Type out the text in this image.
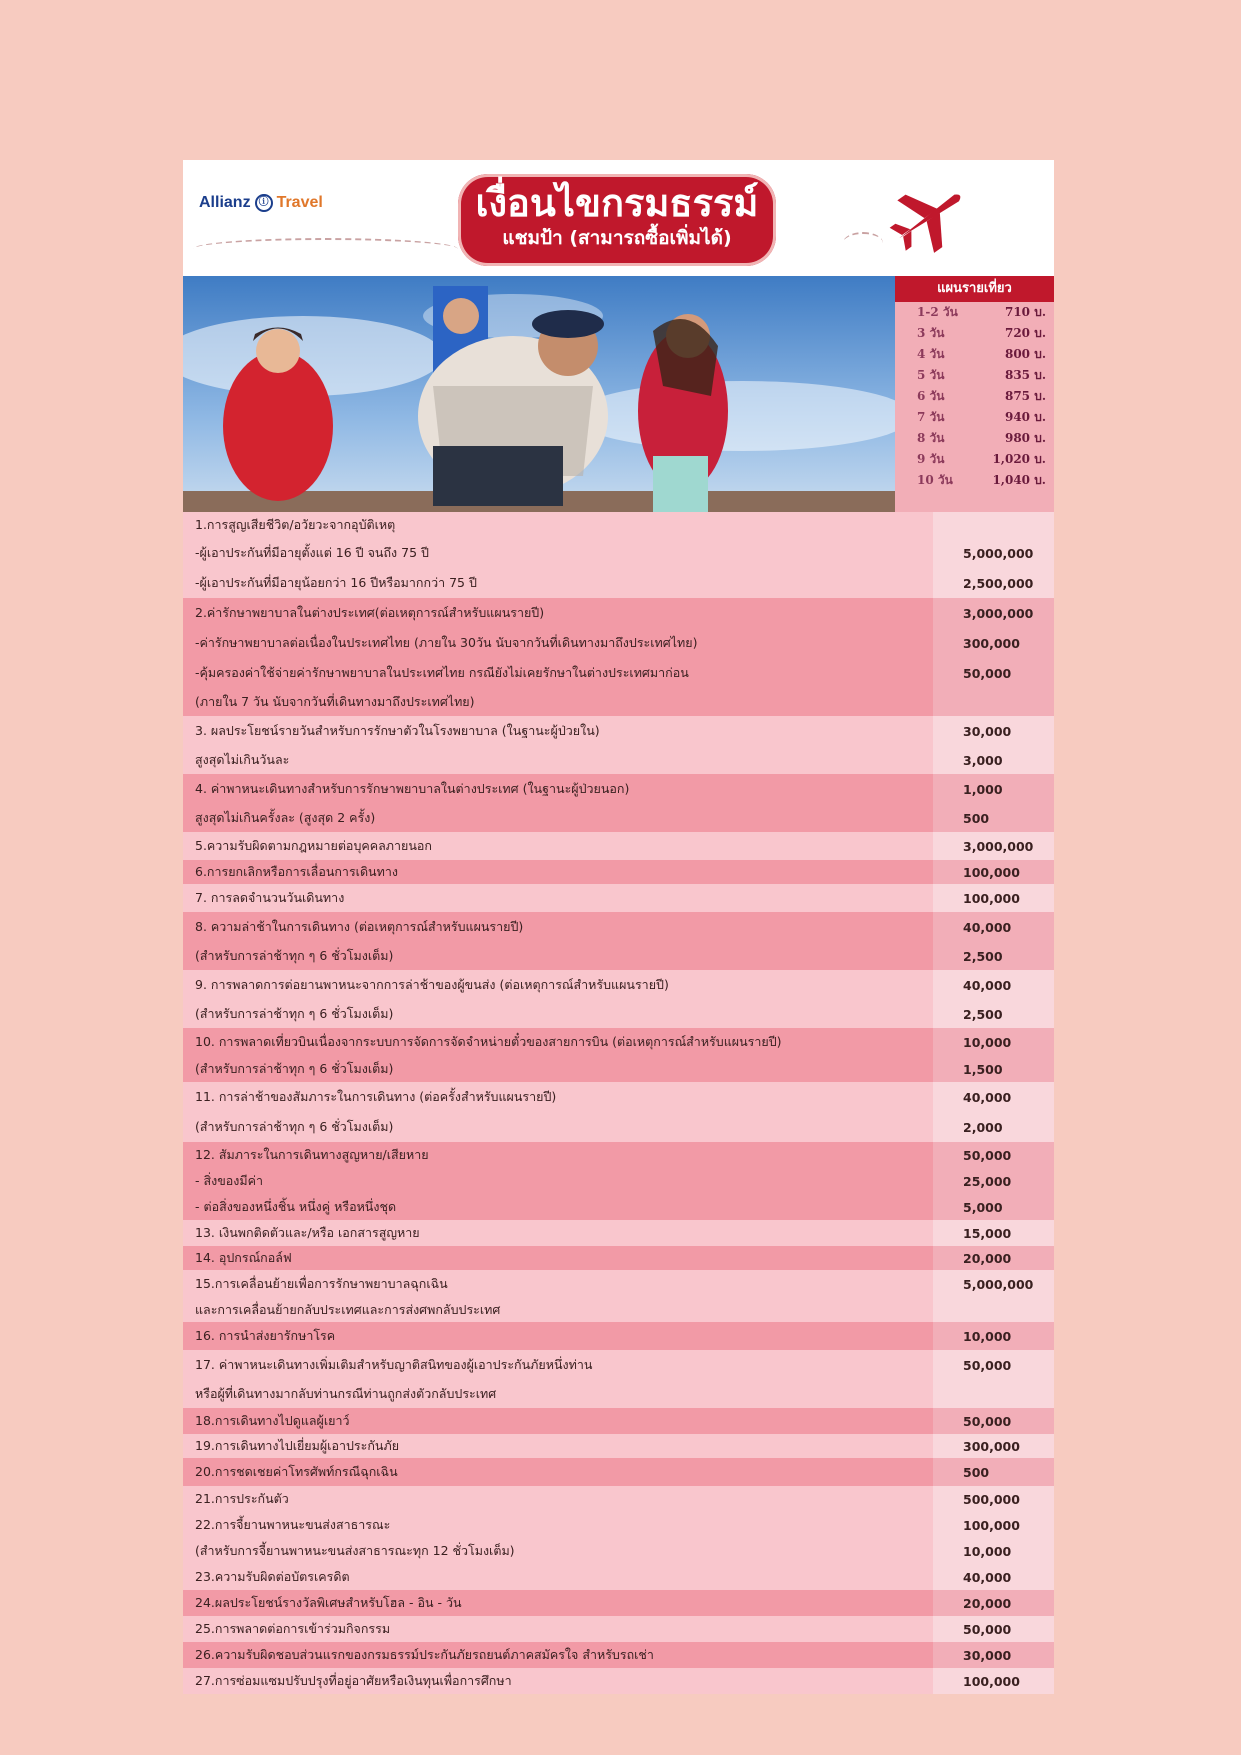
Allianz ⓘ Travel	เงื่อนไขกรมธรรม์
แชมป้า (สามารถซื้อเพิ่มได้)
แผนรายเที่ยว
1-2 วัน	710 บ.
3 วัน	720 บ.
4 วัน	800 บ.
5 วัน	835 บ.
6 วัน	875 บ.
7 วัน	940 บ.
8 วัน	980 บ.
9 วัน	1,020 บ.
10 วัน	1,040 บ.
1.การสูญเสียชีวิต/อวัยวะจากอุบัติเหตุ
-ผู้เอาประกันที่มีอายุตั้งแต่ 16 ปี จนถึง 75 ปี	5,000,000
-ผู้เอาประกันที่มีอายุน้อยกว่า 16 ปีหรือมากกว่า 75 ปี	2,500,000
2.ค่ารักษาพยาบาลในต่างประเทศ(ต่อเหตุการณ์สำหรับแผนรายปี)	3,000,000
-ค่ารักษาพยาบาลต่อเนื่องในประเทศไทย (ภายใน 30วัน นับจากวันที่เดินทางมาถึงประเทศไทย)	300,000
-คุ้มครองค่าใช้จ่ายค่ารักษาพยาบาลในประเทศไทย กรณียังไม่เคยรักษาในต่างประเทศมาก่อน	50,000
(ภายใน 7 วัน นับจากวันที่เดินทางมาถึงประเทศไทย)
3. ผลประโยชน์รายวันสำหรับการรักษาตัวในโรงพยาบาล (ในฐานะผู้ป่วยใน)	30,000
สูงสุดไม่เกินวันละ	3,000
4. ค่าพาหนะเดินทางสำหรับการรักษาพยาบาลในต่างประเทศ (ในฐานะผู้ป่วยนอก)	1,000
สูงสุดไม่เกินครั้งละ (สูงสุด 2 ครั้ง)	500
5.ความรับผิดตามกฎหมายต่อบุคคลภายนอก	3,000,000
6.การยกเลิกหรือการเลื่อนการเดินทาง	100,000
7. การลดจำนวนวันเดินทาง	100,000
8. ความล่าช้าในการเดินทาง (ต่อเหตุการณ์สำหรับแผนรายปี)	40,000
(สำหรับการล่าช้าทุก ๆ 6 ชั่วโมงเต็ม)	2,500
9. การพลาดการต่อยานพาหนะจากการล่าช้าของผู้ขนส่ง (ต่อเหตุการณ์สำหรับแผนรายปี)	40,000
(สำหรับการล่าช้าทุก ๆ 6 ชั่วโมงเต็ม)	2,500
10. การพลาดเที่ยวบินเนื่องจากระบบการจัดการจัดจำหน่ายตั๋วของสายการบิน (ต่อเหตุการณ์สำหรับแผนรายปี)	10,000
(สำหรับการล่าช้าทุก ๆ 6 ชั่วโมงเต็ม)	1,500
11. การล่าช้าของสัมภาระในการเดินทาง (ต่อครั้งสำหรับแผนรายปี)	40,000
(สำหรับการล่าช้าทุก ๆ 6 ชั่วโมงเต็ม)	2,000
12. สัมภาระในการเดินทางสูญหาย/เสียหาย	50,000
- สิ่งของมีค่า	25,000
- ต่อสิ่งของหนึ่งชิ้น หนึ่งคู่ หรือหนึ่งชุด	5,000
13. เงินพกติดตัวและ/หรือ เอกสารสูญหาย	15,000
14. อุปกรณ์กอล์ฟ	20,000
15.การเคลื่อนย้ายเพื่อการรักษาพยาบาลฉุกเฉิน	5,000,000
และการเคลื่อนย้ายกลับประเทศและการส่งศพกลับประเทศ
16. การนำส่งยารักษาโรค	10,000
17. ค่าพาหนะเดินทางเพิ่มเติมสำหรับญาติสนิทของผู้เอาประกันภัยหนึ่งท่าน	50,000
หรือผู้ที่เดินทางมากลับท่านกรณีท่านถูกส่งตัวกลับประเทศ
18.การเดินทางไปดูแลผู้เยาว์	50,000
19.การเดินทางไปเยี่ยมผู้เอาประกันภัย	300,000
20.การชดเชยค่าโทรศัพท์กรณีฉุกเฉิน	500
21.การประกันตัว	500,000
22.การจี้ยานพาหนะขนส่งสาธารณะ	100,000
(สำหรับการจี้ยานพาหนะขนส่งสาธารณะทุก 12 ชั่วโมงเต็ม)	10,000
23.ความรับผิดต่อบัตรเครดิต	40,000
24.ผลประโยชน์รางวัลพิเศษสำหรับโฮล - อิน - วัน	20,000
25.การพลาดต่อการเข้าร่วมกิจกรรม	50,000
26.ความรับผิดชอบส่วนแรกของกรมธรรม์ประกันภัยรถยนต์ภาคสมัครใจ สำหรับรถเช่า	30,000
27.การซ่อมแซมปรับปรุงที่อยู่อาศัยหรือเงินทุนเพื่อการศึกษา	100,000
